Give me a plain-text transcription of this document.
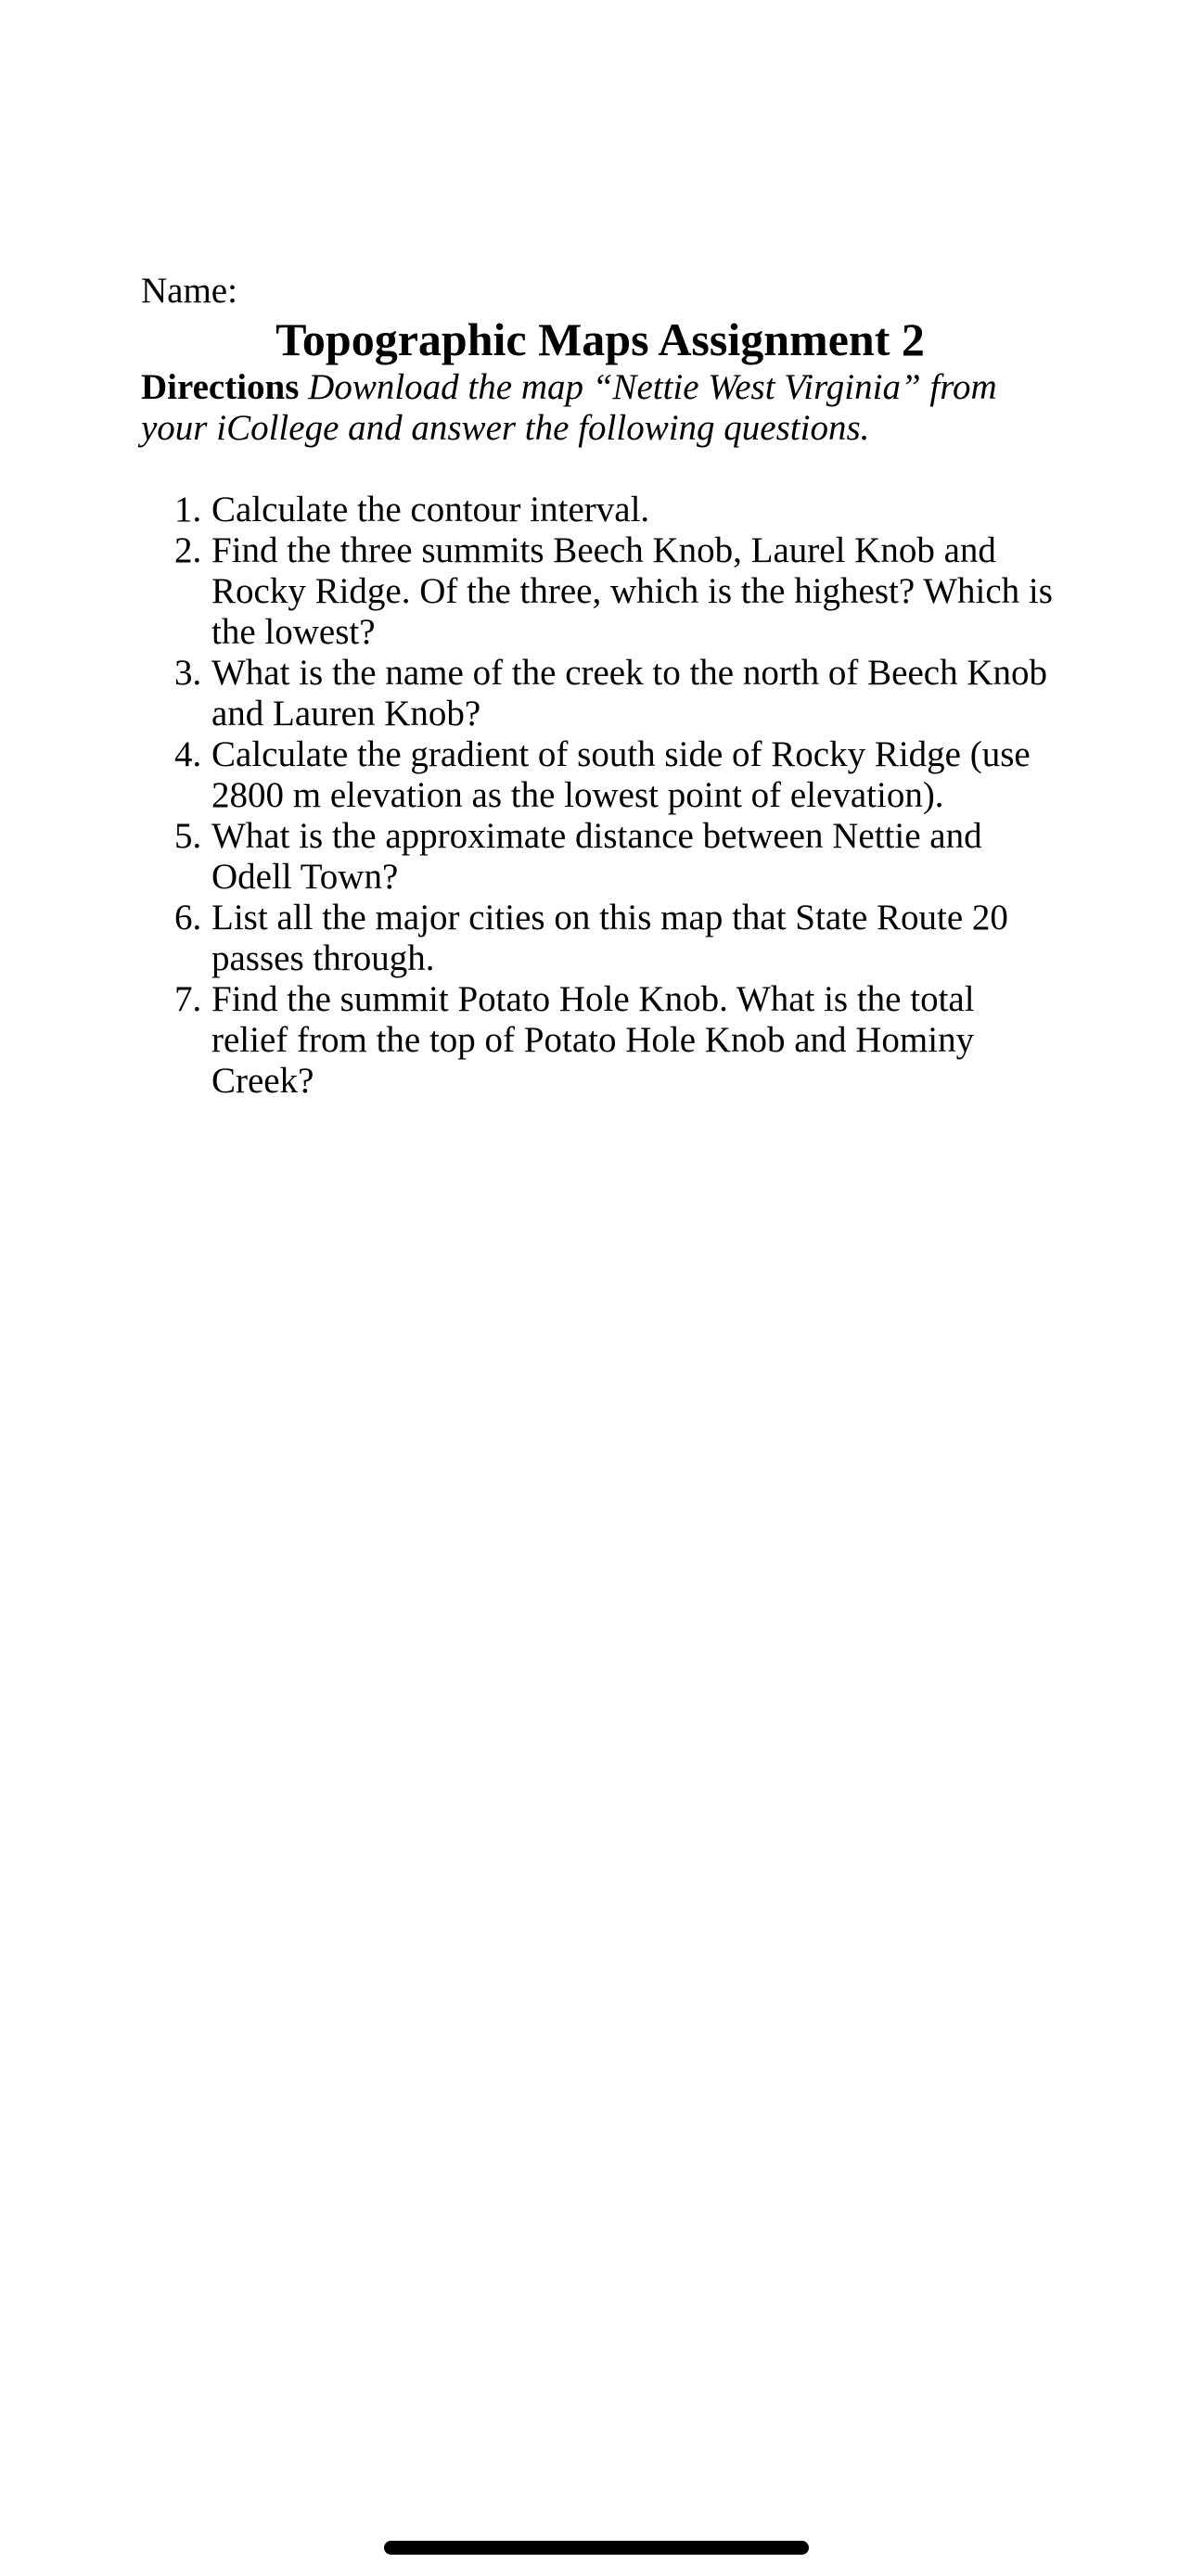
Name:

Topographic Maps Assignment 2

Directions Download the map “Nettie West Virginia” from your iCollege and answer the following questions.

1. Calculate the contour interval.
2. Find the three summits Beech Knob, Laurel Knob and Rocky Ridge. Of the three, which is the highest? Which is the lowest?
3. What is the name of the creek to the north of Beech Knob and Lauren Knob?
4. Calculate the gradient of south side of Rocky Ridge (use 2800 m elevation as the lowest point of elevation).
5. What is the approximate distance between Nettie and Odell Town?
6. List all the major cities on this map that State Route 20 passes through.
7. Find the summit Potato Hole Knob. What is the total relief from the top of Potato Hole Knob and Hominy Creek?
